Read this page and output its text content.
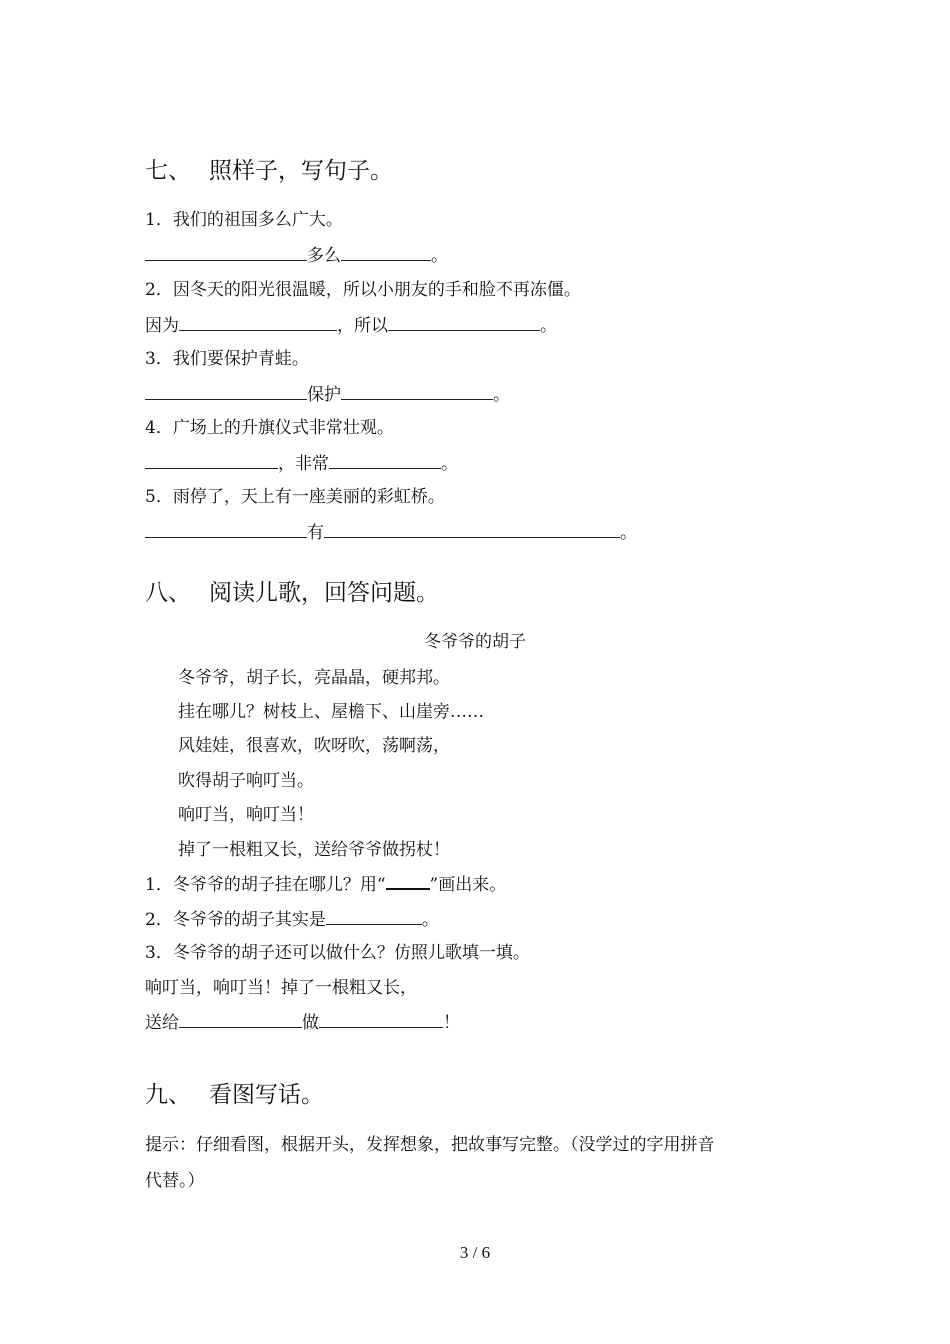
七、 照样子，写句子。
1．我们的祖国多么广大。
多么	。
2．因冬天的阳光很温暖，所以小朋友的手和脸不再冻僵。
因为	，所以	。
3．我们要保护青蛙。
保护	。
4．广场上的升旗仪式非常壮观。
，非常	。
5．雨停了，天上有一座美丽的彩虹桥。
有	。
八、 阅读儿歌，回答问题。
冬爷爷的胡子
冬爷爷，胡子长，亮晶晶，硬邦邦。
挂在哪儿？树枝上、屋檐下、山崖旁……
风娃娃，很喜欢，吹呀吹，荡啊荡，
吹得胡子响叮当。
响叮当，响叮当！
掉了一根粗又长，送给爷爷做拐杖！
1．冬爷爷的胡子挂在哪儿？用“	”画出来。
2．冬爷爷的胡子其实是	。
3．冬爷爷的胡子还可以做什么？仿照儿歌填一填。
响叮当，响叮当！掉了一根粗又长，
送给	做	！
九、 看图写话。
提示：仔细看图，根据开头，发挥想象，把故事写完整。（没学过的字用拼音
代替。）
3 / 6
